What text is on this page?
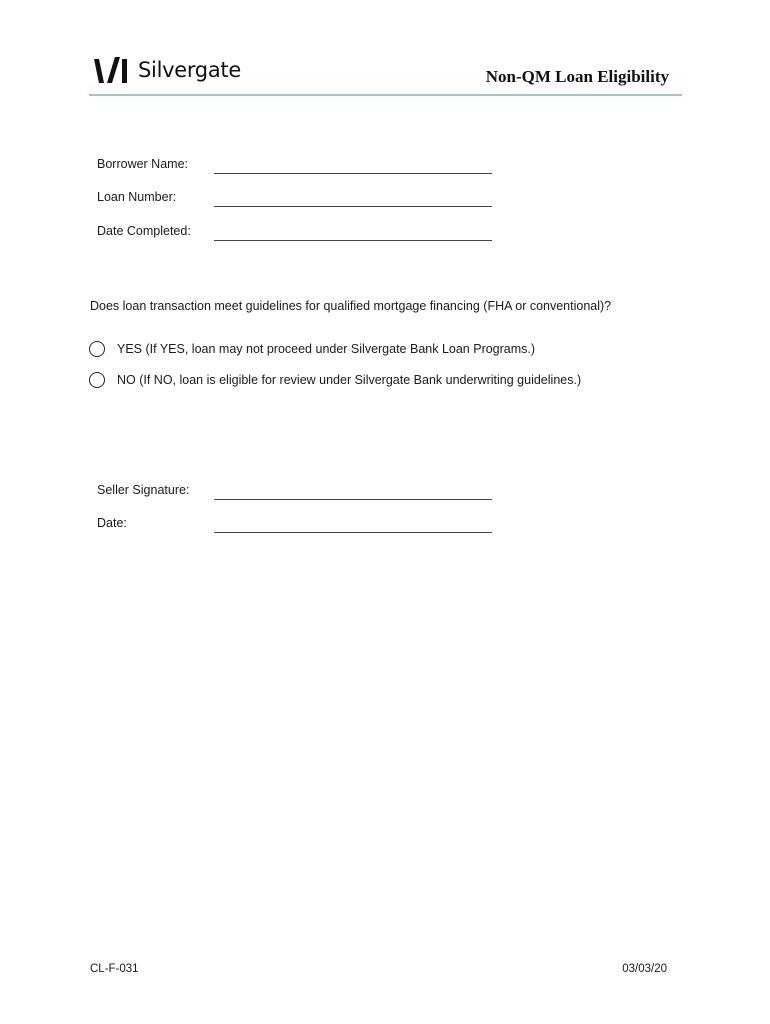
Silvergate	Non-QM Loan Eligibility
Borrower Name:
Loan Number:
Date Completed:
Does loan transaction meet guidelines for qualified mortgage financing (FHA or conventional)?
YES (If YES, loan may not proceed under Silvergate Bank Loan Programs.)
NO (If NO, loan is eligible for review under Silvergate Bank underwriting guidelines.)
Seller Signature:
Date:
CL-F-031	03/03/20
